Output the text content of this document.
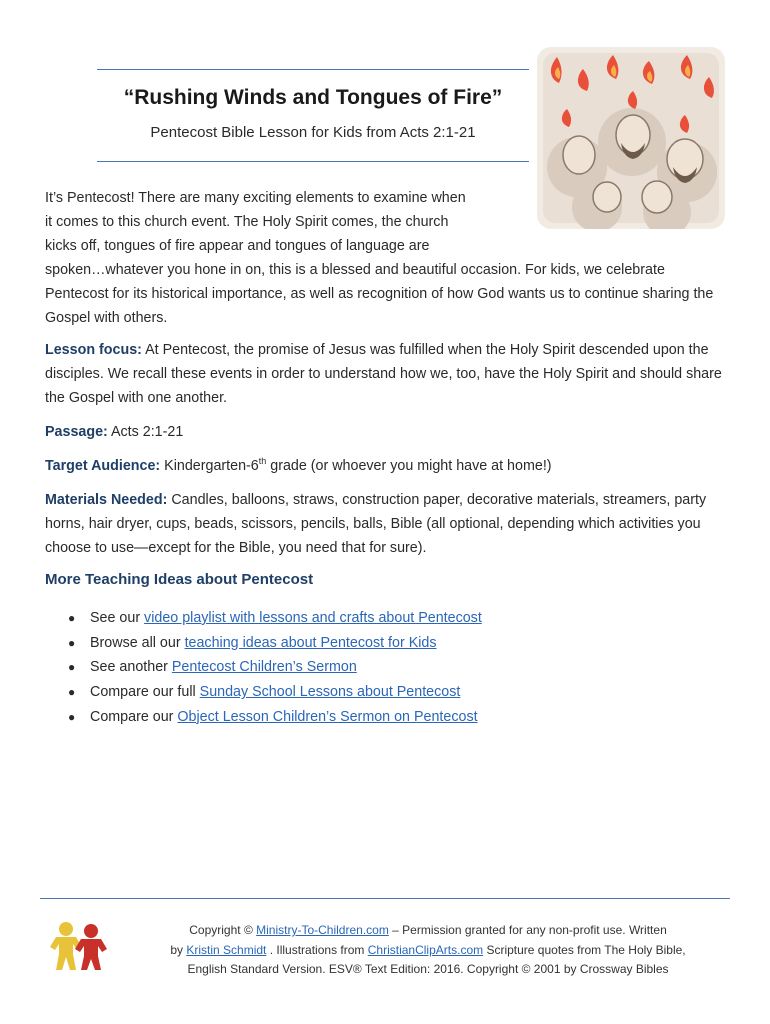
“Rushing Winds and Tongues of Fire”

Pentecost Bible Lesson for Kids from Acts 2:1-21

It’s Pentecost! There are many exciting elements to examine when
it comes to this church event. The Holy Spirit comes, the church
kicks off, tongues of fire appear and tongues of language are
spoken…whatever you hone in on, this is a blessed and beautiful occasion. For kids, we celebrate Pentecost for its historical importance, as well as recognition of how God wants us to continue sharing the Gospel with others.

Lesson focus: At Pentecost, the promise of Jesus was fulfilled when the Holy Spirit descended upon the disciples. We recall these events in order to understand how we, too, have the Holy Spirit and should share the Gospel with one another.

Passage: Acts 2:1-21

Target Audience: Kindergarten-6th grade (or whoever you might have at home!)

Materials Needed: Candles, balloons, straws, construction paper, decorative materials, streamers, party horns, hair dryer, cups, beads, scissors, pencils, balls, Bible (all optional, depending which activities you choose to use—except for the Bible, you need that for sure).

More Teaching Ideas about Pentecost
● See our video playlist with lessons and crafts about Pentecost
● Browse all our teaching ideas about Pentecost for Kids
● See another Pentecost Children’s Sermon
● Compare our full Sunday School Lessons about Pentecost
● Compare our Object Lesson Children’s Sermon on Pentecost

Copyright © Ministry-To-Children.com – Permission granted for any non-profit use. Written
by Kristin Schmidt . Illustrations from ChristianClipArts.com Scripture quotes from The Holy Bible,
English Standard Version. ESV® Text Edition: 2016. Copyright © 2001 by Crossway Bibles
